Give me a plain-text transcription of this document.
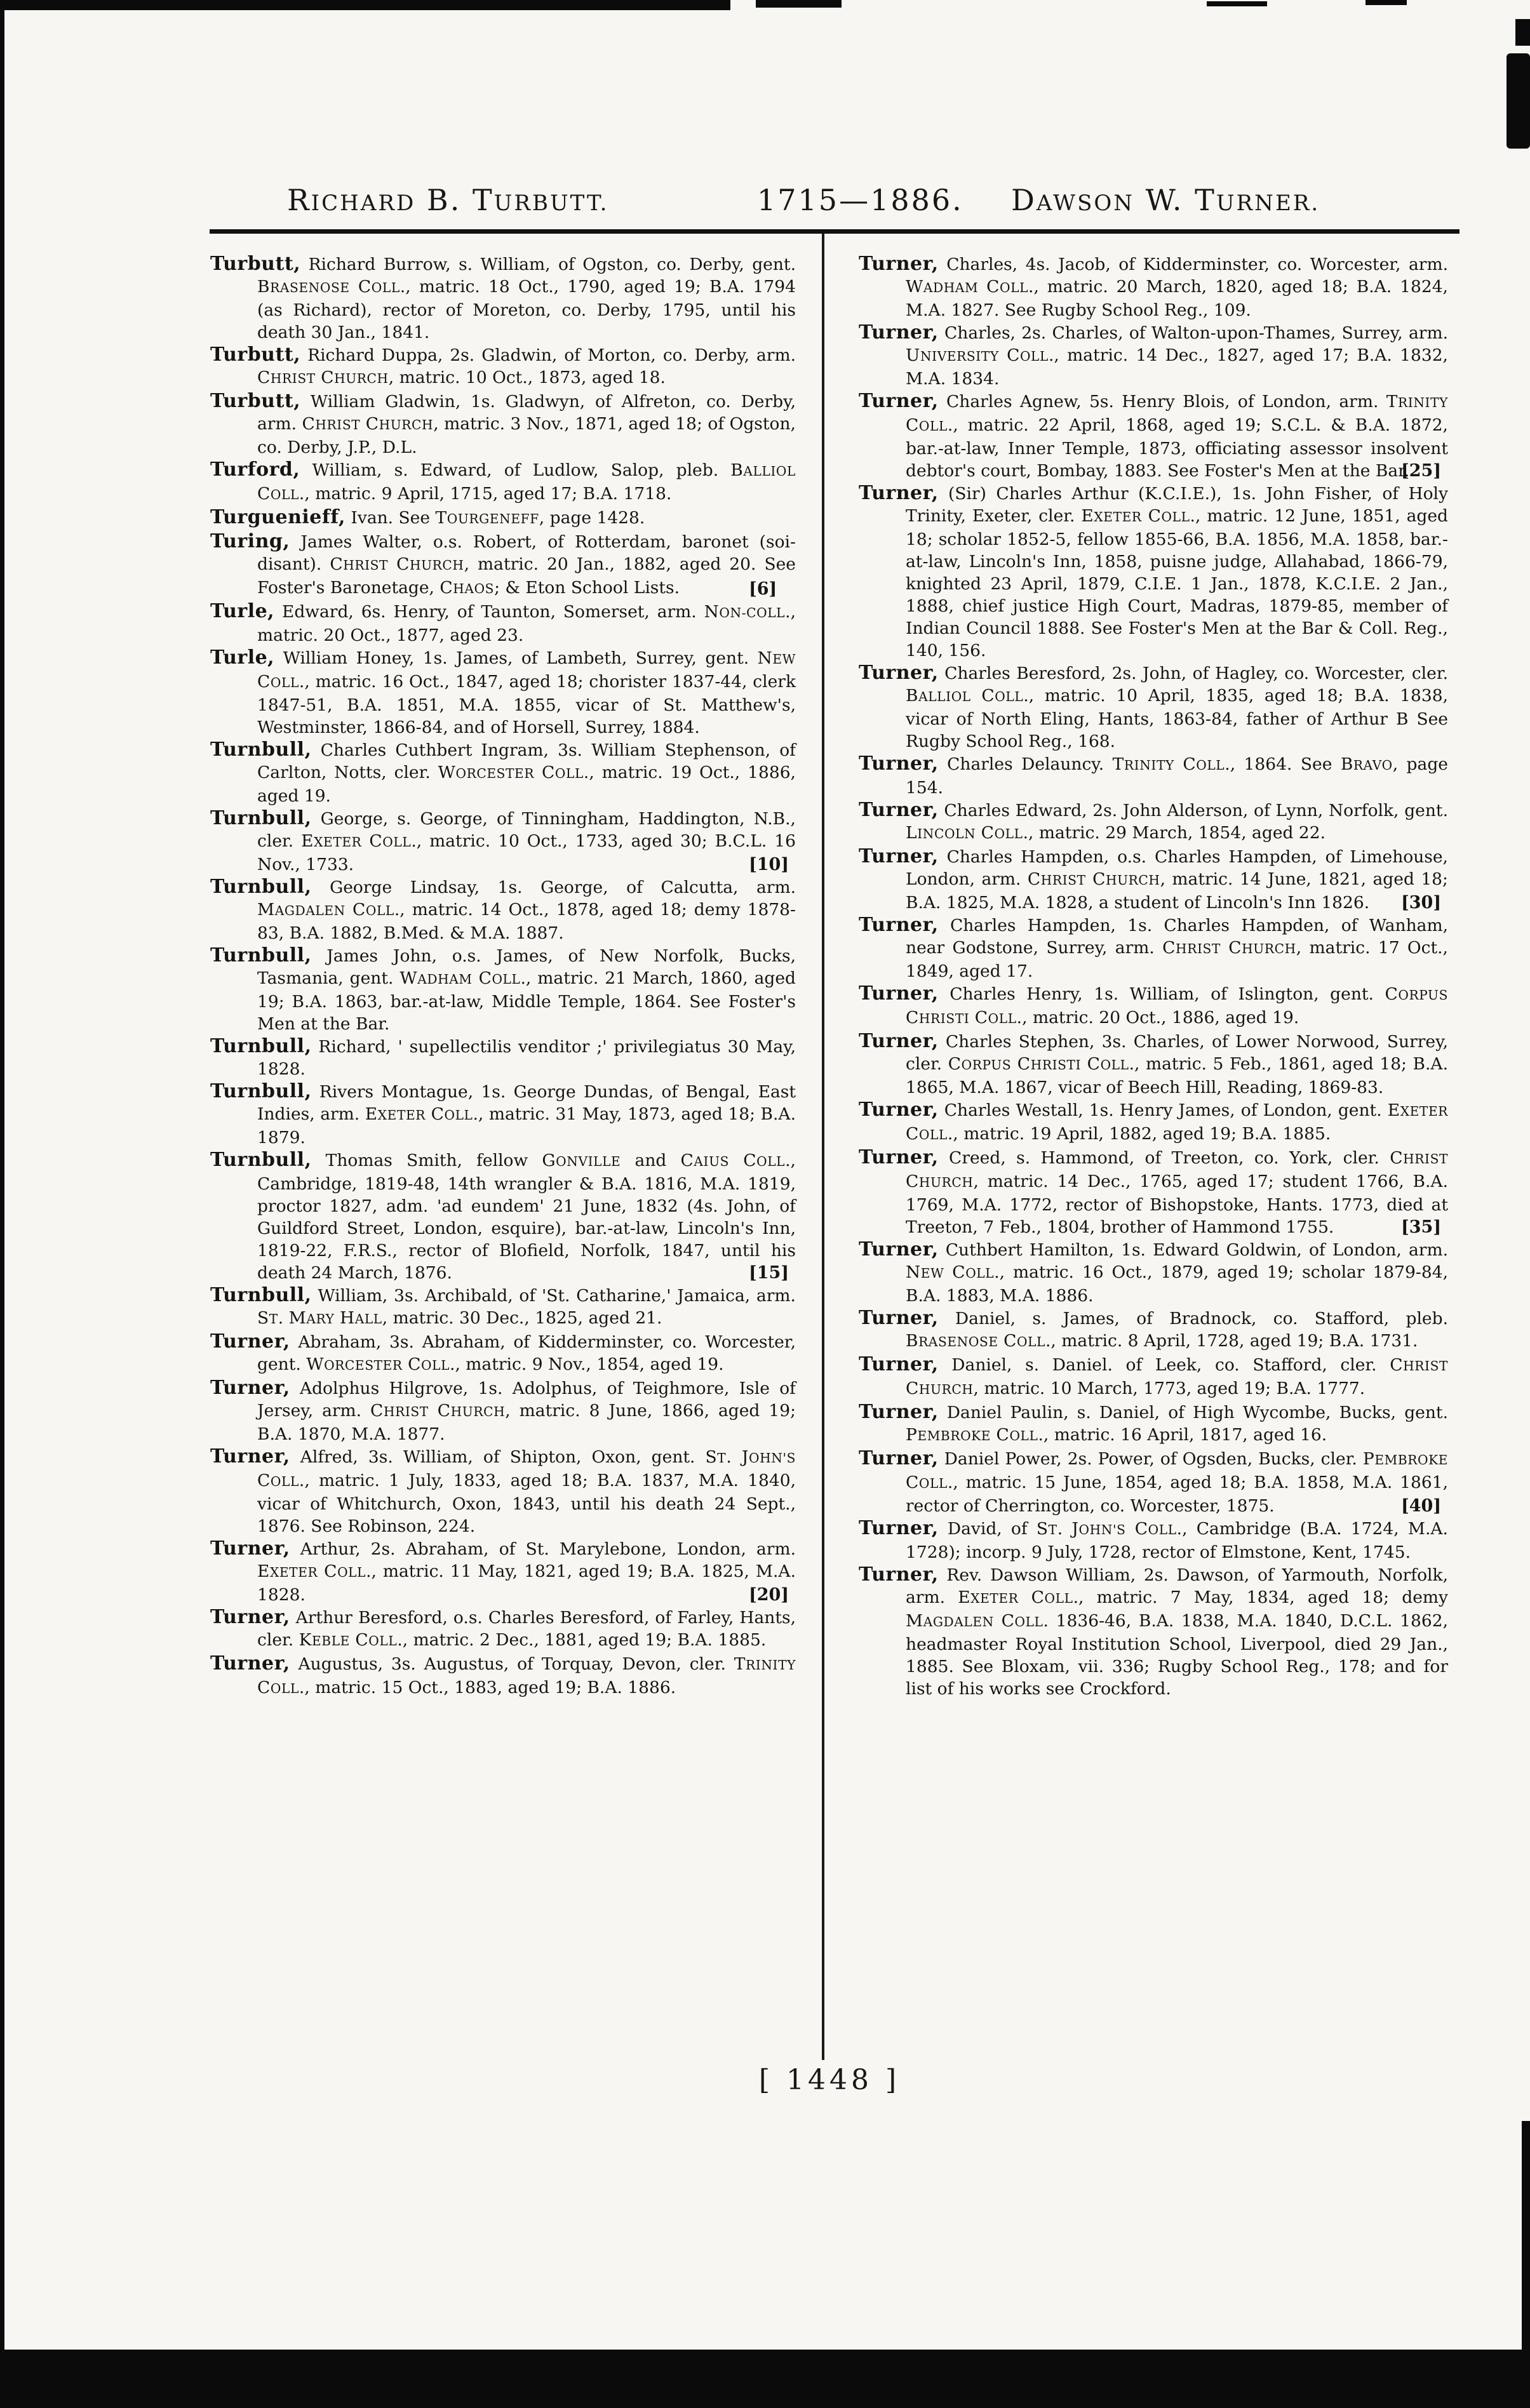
RICHARD B. TURBUTT.	1715—1886. DAWSON W. TURNER.

Turbutt, Richard Burrow, s. William, of Ogston, co. Derby, gent. BRASENOSE COLL., matric. 18 Oct., 1790, aged 19; B.A. 1794 (as Richard), rector of Moreton, co. Derby, 1795, until his death 30 Jan., 1841.

Turbutt, Richard Duppa, 2s. Gladwin, of Morton, co. Derby, arm. CHRIST CHURCH, matric. 10 Oct., 1873, aged 18.

Turbutt, William Gladwin, 1s. Gladwyn, of Alfreton, co. Derby, arm. CHRIST CHURCH, matric. 3 Nov., 1871, aged 18; of Ogston, co. Derby, J.P., D.L.

Turford, William, s. Edward, of Ludlow, Salop, pleb. BALLIOL COLL., matric. 9 April, 1715, aged 17; B.A. 1718.

Turguenieff, Ivan. See TOURGENEFF, page 1428.

Turing, James Walter, o.s. Robert, of Rotterdam, baronet (soi-disant). CHRIST CHURCH, matric. 20 Jan., 1882, aged 20. See Foster's Baronetage, CHAOS; & Eton School Lists.	[6]

Turle, Edward, 6s. Henry, of Taunton, Somerset, arm. NON-COLL., matric. 20 Oct., 1877, aged 23.

Turle, William Honey, 1s. James, of Lambeth, Surrey, gent. NEW COLL., matric. 16 Oct., 1847, aged 18; chorister 1837-44, clerk 1847-51, B.A. 1851, M.A. 1855, vicar of St. Matthew's, Westminster, 1866-84, and of Horsell, Surrey, 1884.

Turnbull, Charles Cuthbert Ingram, 3s. William Stephenson, of Carlton, Notts, cler. WORCESTER COLL., matric. 19 Oct., 1886, aged 19.

Turnbull, George, s. George, of Tinningham, Haddington, N.B., cler. EXETER COLL., matric. 10 Oct., 1733, aged 30; B.C.L. 16 Nov., 1733.	[10]

Turnbull, George Lindsay, 1s. George, of Calcutta, arm. MAGDALEN COLL., matric. 14 Oct., 1878, aged 18; demy 1878-83, B.A. 1882, B.Med. & M.A. 1887.

Turnbull, James John, o.s. James, of New Norfolk, Bucks, Tasmania, gent. WADHAM COLL., matric. 21 March, 1860, aged 19; B.A. 1863, bar.-at-law, Middle Temple, 1864. See Foster's Men at the Bar.

Turnbull, Richard, ' supellectilis venditor ;' privilegiatus 30 May, 1828.

Turnbull, Rivers Montague, 1s. George Dundas, of Bengal, East Indies, arm. EXETER COLL., matric. 31 May, 1873, aged 18; B.A. 1879.

Turnbull, Thomas Smith, fellow GONVILLE and CAIUS COLL., Cambridge, 1819-48, 14th wrangler & B.A. 1816, M.A. 1819, proctor 1827, adm. 'ad eundem' 21 June, 1832 (4s. John, of Guildford Street, London, esquire), bar.-at-law, Lincoln's Inn, 1819-22, F.R.S., rector of Blofield, Norfolk, 1847, until his death 24 March, 1876.	[15]

Turnbull, William, 3s. Archibald, of 'St. Catharine,' Jamaica, arm. ST. MARY HALL, matric. 30 Dec., 1825, aged 21.

Turner, Abraham, 3s. Abraham, of Kidderminster, co. Worcester, gent. WORCESTER COLL., matric. 9 Nov., 1854, aged 19.

Turner, Adolphus Hilgrove, 1s. Adolphus, of Teighmore, Isle of Jersey, arm. CHRIST CHURCH, matric. 8 June, 1866, aged 19; B.A. 1870, M.A. 1877.

Turner, Alfred, 3s. William, of Shipton, Oxon, gent. ST. JOHN'S COLL., matric. 1 July, 1833, aged 18; B.A. 1837, M.A. 1840, vicar of Whitchurch, Oxon, 1843, until his death 24 Sept., 1876. See Robinson, 224.

Turner, Arthur, 2s. Abraham, of St. Marylebone, London, arm. EXETER COLL., matric. 11 May, 1821, aged 19; B.A. 1825, M.A. 1828.	[20]

Turner, Arthur Beresford, o.s. Charles Beresford, of Farley, Hants, cler. KEBLE COLL., matric. 2 Dec., 1881, aged 19; B.A. 1885.

Turner, Augustus, 3s. Augustus, of Torquay, Devon, cler. TRINITY COLL., matric. 15 Oct., 1883, aged 19; B.A. 1886.

Turner, Charles, 4s. Jacob, of Kidderminster, co. Worcester, arm. WADHAM COLL., matric. 20 March, 1820, aged 18; B.A. 1824, M.A. 1827. See Rugby School Reg., 109.

Turner, Charles, 2s. Charles, of Walton-upon-Thames, Surrey, arm. UNIVERSITY COLL., matric. 14 Dec., 1827, aged 17; B.A. 1832, M.A. 1834.

Turner, Charles Agnew, 5s. Henry Blois, of London, arm. TRINITY COLL., matric. 22 April, 1868, aged 19; S.C.L. & B.A. 1872, bar.-at-law, Inner Temple, 1873, officiating assessor insolvent debtor's court, Bombay, 1883. See Foster's Men at the Bar.
[25]

Turner, (Sir) Charles Arthur (K.C.I.E.), 1s. John Fisher, of Holy Trinity, Exeter, cler. EXETER COLL., matric. 12 June, 1851, aged 18; scholar 1852-5, fellow 1855-66, B.A. 1856, M.A. 1858, bar.-at-law, Lincoln's Inn, 1858, puisne judge, Allahabad, 1866-79, knighted 23 April, 1879, C.I.E. 1 Jan., 1878, K.C.I.E. 2 Jan., 1888, chief justice High Court, Madras, 1879-85, member of Indian Council 1888. See Foster's Men at the Bar & Coll. Reg., 140, 156.

Turner, Charles Beresford, 2s. John, of Hagley, co. Worcester, cler. BALLIOL COLL., matric. 10 April, 1835, aged 18; B.A. 1838, vicar of North Eling, Hants, 1863-84, father of Arthur B See Rugby School Reg., 168.

Turner, Charles Delauncy. TRINITY COLL., 1864. See BRAVO, page 154.

Turner, Charles Edward, 2s. John Alderson, of Lynn, Norfolk, gent. LINCOLN COLL., matric. 29 March, 1854, aged 22.

Turner, Charles Hampden, o.s. Charles Hampden, of Limehouse, London, arm. CHRIST CHURCH, matric. 14 June, 1821, aged 18; B.A. 1825, M.A. 1828, a student of Lincoln's Inn 1826. [30]

Turner, Charles Hampden, 1s. Charles Hampden, of Wanham, near Godstone, Surrey, arm. CHRIST CHURCH, matric. 17 Oct., 1849, aged 17.

Turner, Charles Henry, 1s. William, of Islington, gent. CORPUS CHRISTI COLL., matric. 20 Oct., 1886, aged 19.

Turner, Charles Stephen, 3s. Charles, of Lower Norwood, Surrey, cler. CORPUS CHRISTI COLL., matric. 5 Feb., 1861, aged 18; B.A. 1865, M.A. 1867, vicar of Beech Hill, Reading, 1869-83.

Turner, Charles Westall, 1s. Henry James, of London, gent. EXETER COLL., matric. 19 April, 1882, aged 19; B.A. 1885.

Turner, Creed, s. Hammond, of Treeton, co. York, cler. CHRIST CHURCH, matric. 14 Dec., 1765, aged 17; student 1766, B.A. 1769, M.A. 1772, rector of Bishopstoke, Hants. 1773, died at Treeton, 7 Feb., 1804, brother of Hammond 1755.	[35]

Turner, Cuthbert Hamilton, 1s. Edward Goldwin, of London, arm. NEW COLL., matric. 16 Oct., 1879, aged 19; scholar 1879-84, B.A. 1883, M.A. 1886.

Turner, Daniel, s. James, of Bradnock, co. Stafford, pleb. BRASENOSE COLL., matric. 8 April, 1728, aged 19; B.A. 1731.

Turner, Daniel, s. Daniel. of Leek, co. Stafford, cler. CHRIST CHURCH, matric. 10 March, 1773, aged 19; B.A. 1777.

Turner, Daniel Paulin, s. Daniel, of High Wycombe, Bucks, gent. PEMBROKE COLL., matric. 16 April, 1817, aged 16.

Turner, Daniel Power, 2s. Power, of Ogsden, Bucks, cler. PEMBROKE COLL., matric. 15 June, 1854, aged 18; B.A. 1858, M.A. 1861, rector of Cherrington, co. Worcester, 1875.	[40]

Turner, David, of ST. JOHN'S COLL., Cambridge (B.A. 1724, M.A. 1728); incorp. 9 July, 1728, rector of Elmstone, Kent, 1745.

Turner, Rev. Dawson William, 2s. Dawson, of Yarmouth, Norfolk, arm. EXETER COLL., matric. 7 May, 1834, aged 18; demy MAGDALEN COLL. 1836-46, B.A. 1838, M.A. 1840, D.C.L. 1862, headmaster Royal Institution School, Liverpool, died 29 Jan., 1885. See Bloxam, vii. 336; Rugby School Reg., 178; and for list of his works see Crockford.

[ 1448 ]
